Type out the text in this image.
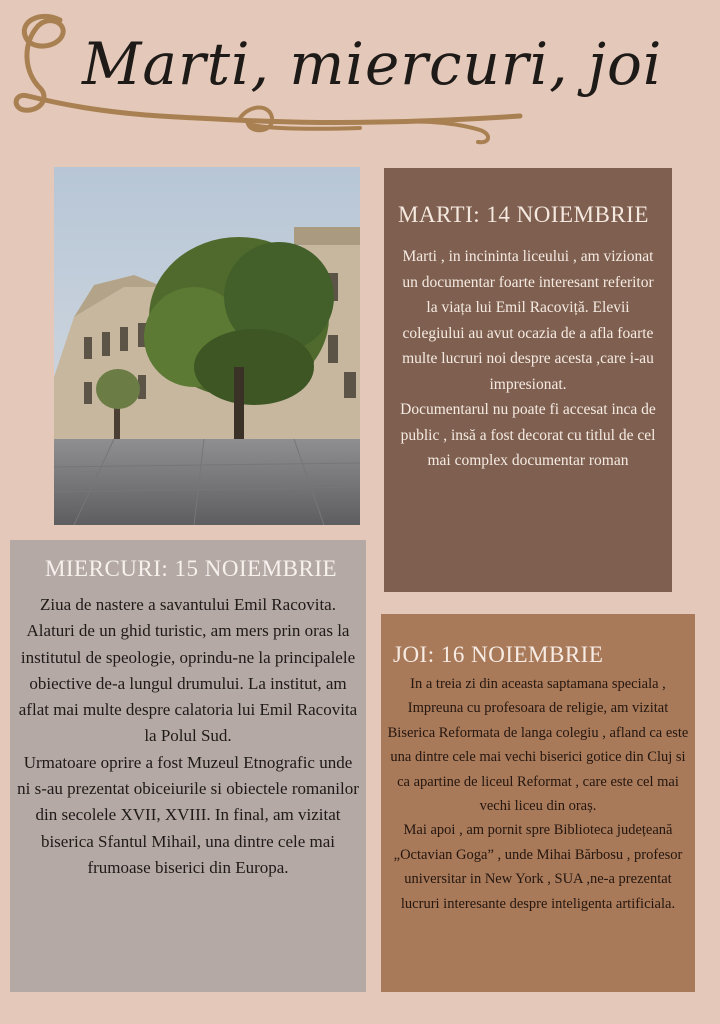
Marti, miercuri, joi
MARTI: 14 NOIEMBRIE
Marti , in incininta liceului , am vizionat un documentar foarte interesant referitor la viața lui Emil Racoviță. Elevii colegiului au avut ocazia de a afla foarte multe lucruri noi despre acesta ,care i-au impresionat.
Documentarul nu poate fi accesat inca de public , insă a fost decorat cu titlul de cel mai complex documentar roman
MIERCURI: 15 NOIEMBRIE
Ziua de nastere a savantului Emil Racovita. Alaturi de un ghid turistic, am mers prin oras la institutul de speologie, oprindu-ne la principalele obiective de-a lungul drumului. La institut, am aflat mai multe despre calatoria lui Emil Racovita la Polul Sud.
Urmatoare oprire a fost Muzeul Etnografic unde ni s-au prezentat obiceiurile si obiectele romanilor din secolele XVII, XVIII. In final, am vizitat biserica Sfantul Mihail, una dintre cele mai frumoase biserici din Europa.
JOI: 16 NOIEMBRIE
In a treia zi din aceasta saptamana speciala , Impreuna cu profesoara de religie, am vizitat Biserica Reformata de langa colegiu , afland ca este una dintre cele mai vechi biserici gotice din Cluj si ca apartine de liceul Reformat , care este cel mai vechi liceu din oraș.
Mai apoi , am pornit spre Biblioteca județeană „Octavian Goga” , unde Mihai Bărbosu , profesor universitar in New York , SUA ,ne-a prezentat lucruri interesante despre inteligenta artificiala.
